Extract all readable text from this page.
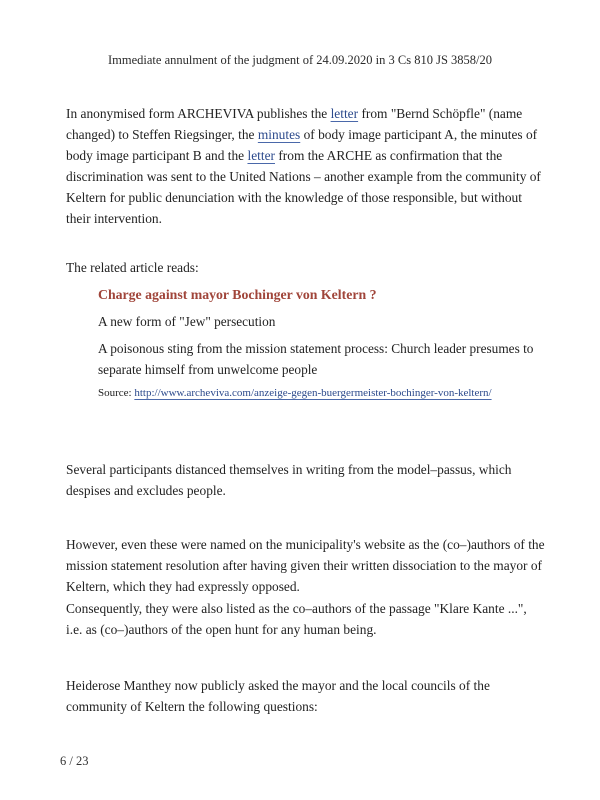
Immediate annulment of the judgment of 24.09.2020 in 3 Cs 810 JS 3858/20

In anonymised form ARCHEVIVA publishes the letter from "Bernd Schöpfle" (name changed) to Steffen Riegsinger, the minutes of body image participant A, the minutes of body image participant B and the letter from the ARCHE as confirmation that the discrimination was sent to the United Nations – another example from the community of Keltern for public denunciation with the knowledge of those responsible, but without their intervention.

The related article reads:

Charge against mayor Bochinger von Keltern ?
A new form of "Jew" persecution
A poisonous sting from the mission statement process: Church leader presumes to separate himself from unwelcome people
Source: http://www.archeviva.com/anzeige-gegen-buergermeister-bochinger-von-keltern/

Several participants distanced themselves in writing from the model–passus, which despises and excludes people.

However, even these were named on the municipality's website as the (co–)authors of the mission statement resolution after having given their written dissociation to the mayor of Keltern, which they had expressly opposed.

Consequently, they were also listed as the co–authors of the passage "Klare Kante ...", i.e. as (co–)authors of the open hunt for any human being.

Heiderose Manthey now publicly asked the mayor and the local councils of the community of Keltern the following questions:

6 / 23
